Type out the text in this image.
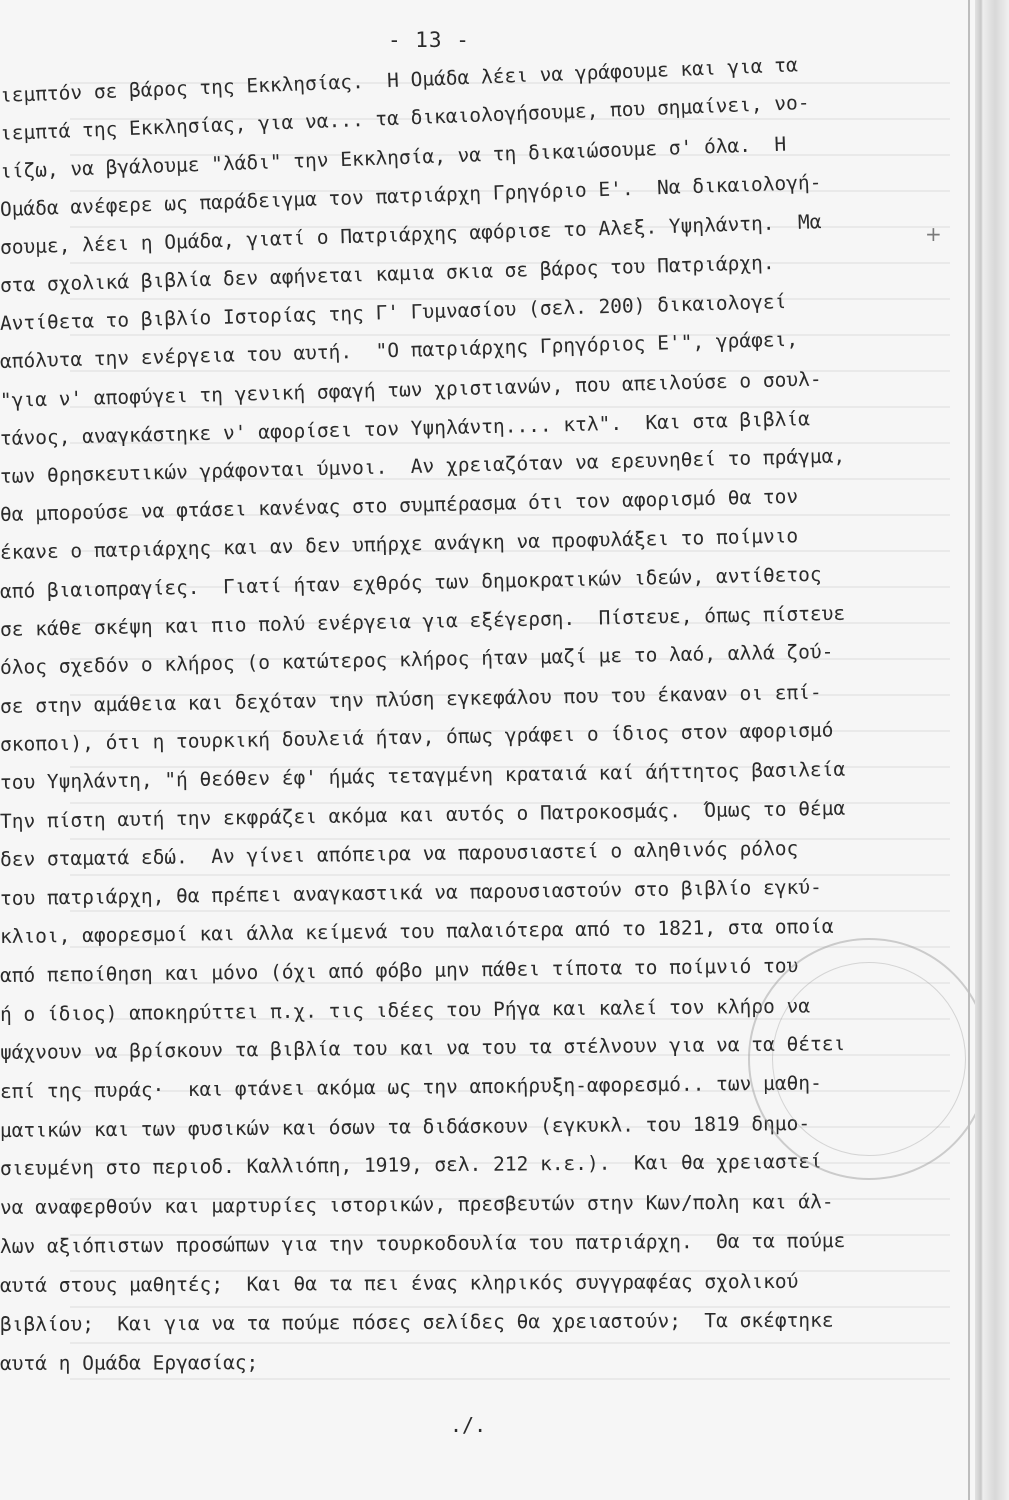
- 13 -
ιεμπτόν σε βάρος της Εκκλησίας.  Η Ομάδα λέει να γράφουμε και για τα
ιεμπτά της Εκκλησίας, για να... τα δικαιολογήσουμε, που σημαίνει, νο-
ιίζω, να βγάλουμε "λάδι" την Εκκλησία, να τη δικαιώσουμε σ' όλα.  Η
Ομάδα ανέφερε ως παράδειγμα τον πατριάρχη Γρηγόριο Ε'.  Να δικαιολογή-
σουμε, λέει η Ομάδα, γιατί ο Πατριάρχης αφόρισε το Αλεξ. Υψηλάντη.  Μα
στα σχολικά βιβλία δεν αφήνεται καμια σκια σε βάρος του Πατριάρχη.
Αντίθετα το βιβλίο Ιστορίας της Γ' Γυμνασίου (σελ. 200) δικαιολογεί
απόλυτα την ενέργεια του αυτή.  "Ο πατριάρχης Γρηγόριος Ε'", γράφει,
"για ν' αποφύγει τη γενική σφαγή των χριστιανών, που απειλούσε ο σουλ-
τάνος, αναγκάστηκε ν' αφορίσει τον Υψηλάντη.... κτλ".  Και στα βιβλία
των θρησκευτικών γράφονται ύμνοι.  Αν χρειαζόταν να ερευνηθεί το πράγμα,
θα μπορούσε να φτάσει κανένας στο συμπέρασμα ότι τον αφορισμό θα τον
έκανε ο πατριάρχης και αν δεν υπήρχε ανάγκη να προφυλάξει το ποίμνιο
από βιαιοπραγίες.  Γιατί ήταν εχθρός των δημοκρατικών ιδεών, αντίθετος
σε κάθε σκέψη και πιο πολύ ενέργεια για εξέγερση.  Πίστευε, όπως πίστευε
όλος σχεδόν ο κλήρος (ο κατώτερος κλήρος ήταν μαζί με το λαό, αλλά ζού-
σε στην αμάθεια και δεχόταν την πλύση εγκεφάλου που του έκαναν οι επί-
σκοποι), ότι η τουρκική δουλειά ήταν, όπως γράφει ο ίδιος στον αφορισμό
του Υψηλάντη, "ή θεόθεν έφ' ήμάς τεταγμένη κραταιά καί άήττητος βασιλεία
Την πίστη αυτή την εκφράζει ακόμα και αυτός ο Πατροκοσμάς.  Όμως το θέμα
δεν σταματά εδώ.  Αν γίνει απόπειρα να παρουσιαστεί ο αληθινός ρόλος
του πατριάρχη, θα πρέπει αναγκαστικά να παρουσιαστούν στο βιβλίο εγκύ-
κλιοι, αφορεσμοί και άλλα κείμενά του παλαιότερα από το 1821, στα οποία
από πεποίθηση και μόνο (όχι από φόβο μην πάθει τίποτα το ποίμνιό του
ή ο ίδιος) αποκηρύττει π.χ. τις ιδέες του Ρήγα και καλεί τον κλήρο να
ψάχνουν να βρίσκουν τα βιβλία του και να του τα στέλνουν για να τα θέτει
επί της πυράς·  και φτάνει ακόμα ως την αποκήρυξη-αφορεσμό.. των μαθη-
ματικών και των φυσικών και όσων τα διδάσκουν (εγκυκλ. του 1819 δημο-
σιευμένη στο περιοδ. Καλλιόπη, 1919, σελ. 212 κ.ε.).  Και θα χρειαστεί
να αναφερθούν και μαρτυρίες ιστορικών, πρεσβευτών στην Κων/πολη και άλ-
λων αξιόπιστων προσώπων για την τουρκοδουλία του πατριάρχη.  Θα τα πούμε
αυτά στους μαθητές;  Και θα τα πει ένας κληρικός συγγραφέας σχολικού
βιβλίου;  Και για να τα πούμε πόσες σελίδες θα χρειαστούν;  Τα σκέφτηκε
αυτά η Ομάδα Εργασίας;
./.
+
